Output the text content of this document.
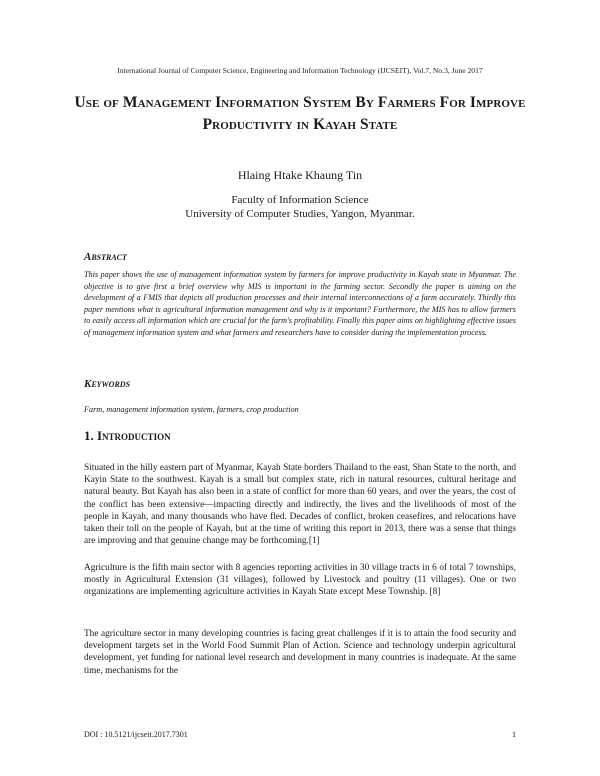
International Journal of Computer Science, Engineering and Information Technology (IJCSEIT), Vol.7, No.3, June 2017
Use of Management Information System By Farmers For Improve Productivity in Kayah State
Hlaing Htake Khaung Tin
Faculty of Information Science
University of Computer Studies, Yangon, Myanmar.
Abstract
This paper shows the use of management information system by farmers for improve productivity in Kayah state in Myanmar. The objective is to give first a brief overview why MIS is important in the farming sector. Secondly the paper is aiming on the development of a FMIS that depicts all production processes and their internal interconnections of a farm accurately. Thirdly this paper mentions what is agricultural information management and why is it important? Furthermore, the MIS has to allow farmers to easily access all information which are crucial for the farm's profitability. Finally this paper aims on highlighting effective issues of management information system and what farmers and researchers have to consider during the implementation process.
Keywords
Farm, management information system, farmers, crop production
1. Introduction
Situated in the hilly eastern part of Myanmar, Kayah State borders Thailand to the east, Shan State to the north, and Kayin State to the southwest. Kayah is a small but complex state, rich in natural resources, cultural heritage and natural beauty. But Kayah has also been in a state of conflict for more than 60 years, and over the years, the cost of the conflict has been extensive—impacting directly and indirectly, the lives and the livelihoods of most of the people in Kayah, and many thousands who have fled. Decades of conflict, broken ceasefires, and relocations have taken their toll on the people of Kayah, but at the time of writing this report in 2013, there was a sense that things are improving and that genuine change may be forthcoming.[1]
Agriculture is the fifth main sector with 8 agencies reporting activities in 30 village tracts in 6 of total 7 townships, mostly in Agricultural Extension (31 villages), followed by Livestock and poultry (11 villages). One or two organizations are implementing agriculture activities in Kayah State except Mese Township. [8]
The agriculture sector in many developing countries is facing great challenges if it is to attain the food security and development targets set in the World Food Summit Plan of Action. Science and technology underpin agricultural development, yet funding for national level research and development in many countries is inadequate. At the same time, mechanisms for the
DOI : 10.5121/ijcseit.2017.7301	1
